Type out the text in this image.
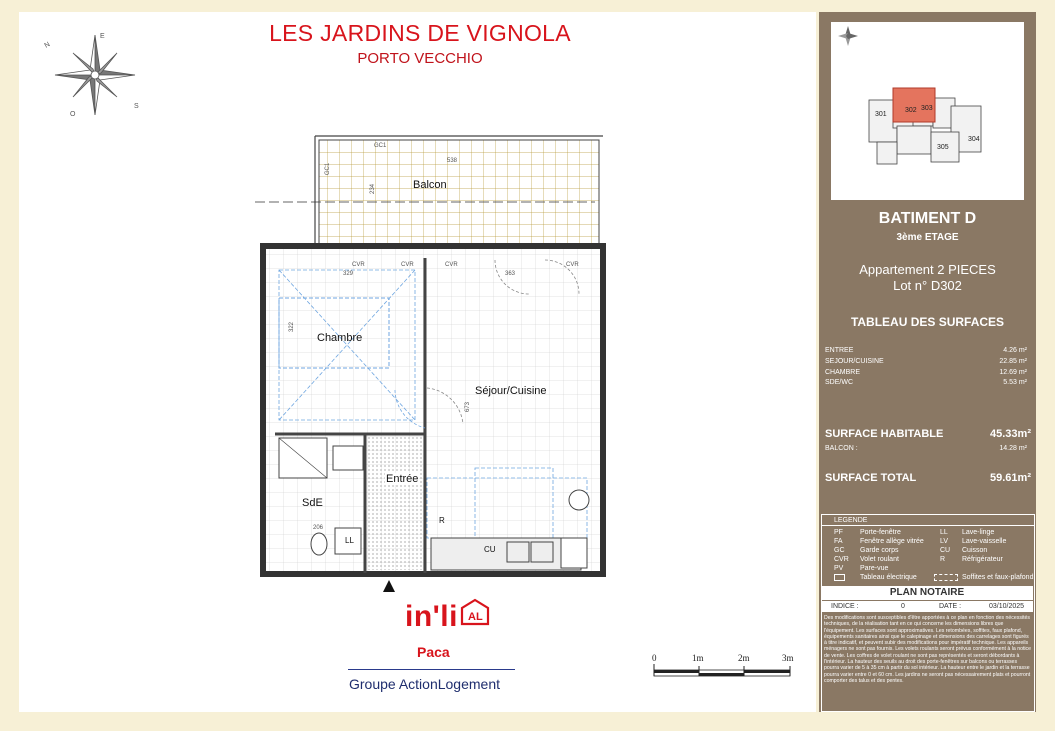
N
S
O
E	LES JARDINS DE VIGNOLA
PORTO VECCHIO
Balcon
Chambre
Séjour/Cuisine
Entrée
SdE
LL
CU
R
538
234
329
322
363
673
206
GC1
GC1
CVR	CVR	CVR	CVR
in'li AL
Paca
Groupe ActionLogement
0	1m	2m	3m
301
302 303
304
305
BATIMENT D
3ème ETAGE
Appartement 2 PIECES
Lot n° D302
TABLEAU DES SURFACES
ENTREE	4.26 m²
SEJOUR/CUISINE	22.85 m²
CHAMBRE	12.69 m²
SDE/WC	5.53 m²
SURFACE HABITABLE	45.33m²
BALCON :	14.28 m²
SURFACE TOTAL	59.61m²
LEGENDE
PF Porte-fenêtre
FA Fenêtre allège vitrée
GC Garde corps
CVR Volet roulant
PV Pare-vue
Tableau électrique
LL Lave-linge
LV Lave-vaisselle
CU Cuisson
R Réfrigérateur
Soffites et faux-plafond
PLAN NOTAIRE
INDICE :	0	DATE :	03/10/2025
Des modifications sont susceptibles d'être apportées à ce plan en fonction des nécessités techniques, de la réalisation tant en ce qui concerne les dimensions libres que l'équipement. Les surfaces sont approximatives. Les retombées, soffites, faux plafond, équipements sanitaires ainsi que le calepinage et dimensions des carrelages sont figurés à titre indicatif, et peuvent subir des modifications pour impératif technique. Les appareils ménagers ne sont pas fournis. Les volets roulants seront prévus conformément à la notice de vente. Les coffres de volet roulant ne sont pas représentés et seront débordants à l'intérieur. La hauteur des seuils au droit des porte-fenêtres sur balcons ou terrasses pourra varier de 5 à 35 cm à partir du sol intérieur. La hauteur entre le jardin et la terrasse pourra varier entre 0 et 60 cm. Les jardins ne seront pas nécessairement plats et pourront comporter des talus et des pentes.
